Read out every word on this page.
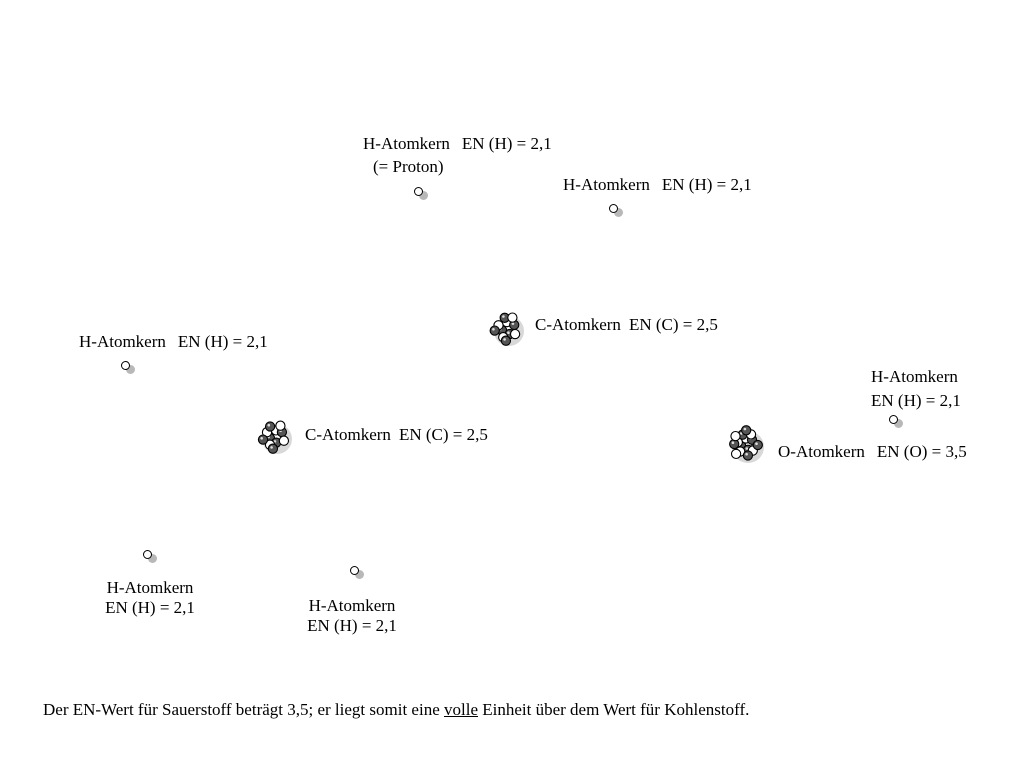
H-Atomkern EN (H) = 2,1
(= Proton)
H-Atomkern EN (H) = 2,1
C-Atomkern EN (C) = 2,5
H-Atomkern EN (H) = 2,1
H-Atomkern
EN (H) = 2,1
C-Atomkern EN (C) = 2,5
O-Atomkern EN (O) = 3,5
H-Atomkern
EN (H) = 2,1	H-Atomkern
EN (H) = 2,1
Der EN-Wert für Sauerstoff beträgt 3,5; er liegt somit eine volle Einheit über dem Wert für Kohlenstoff.
